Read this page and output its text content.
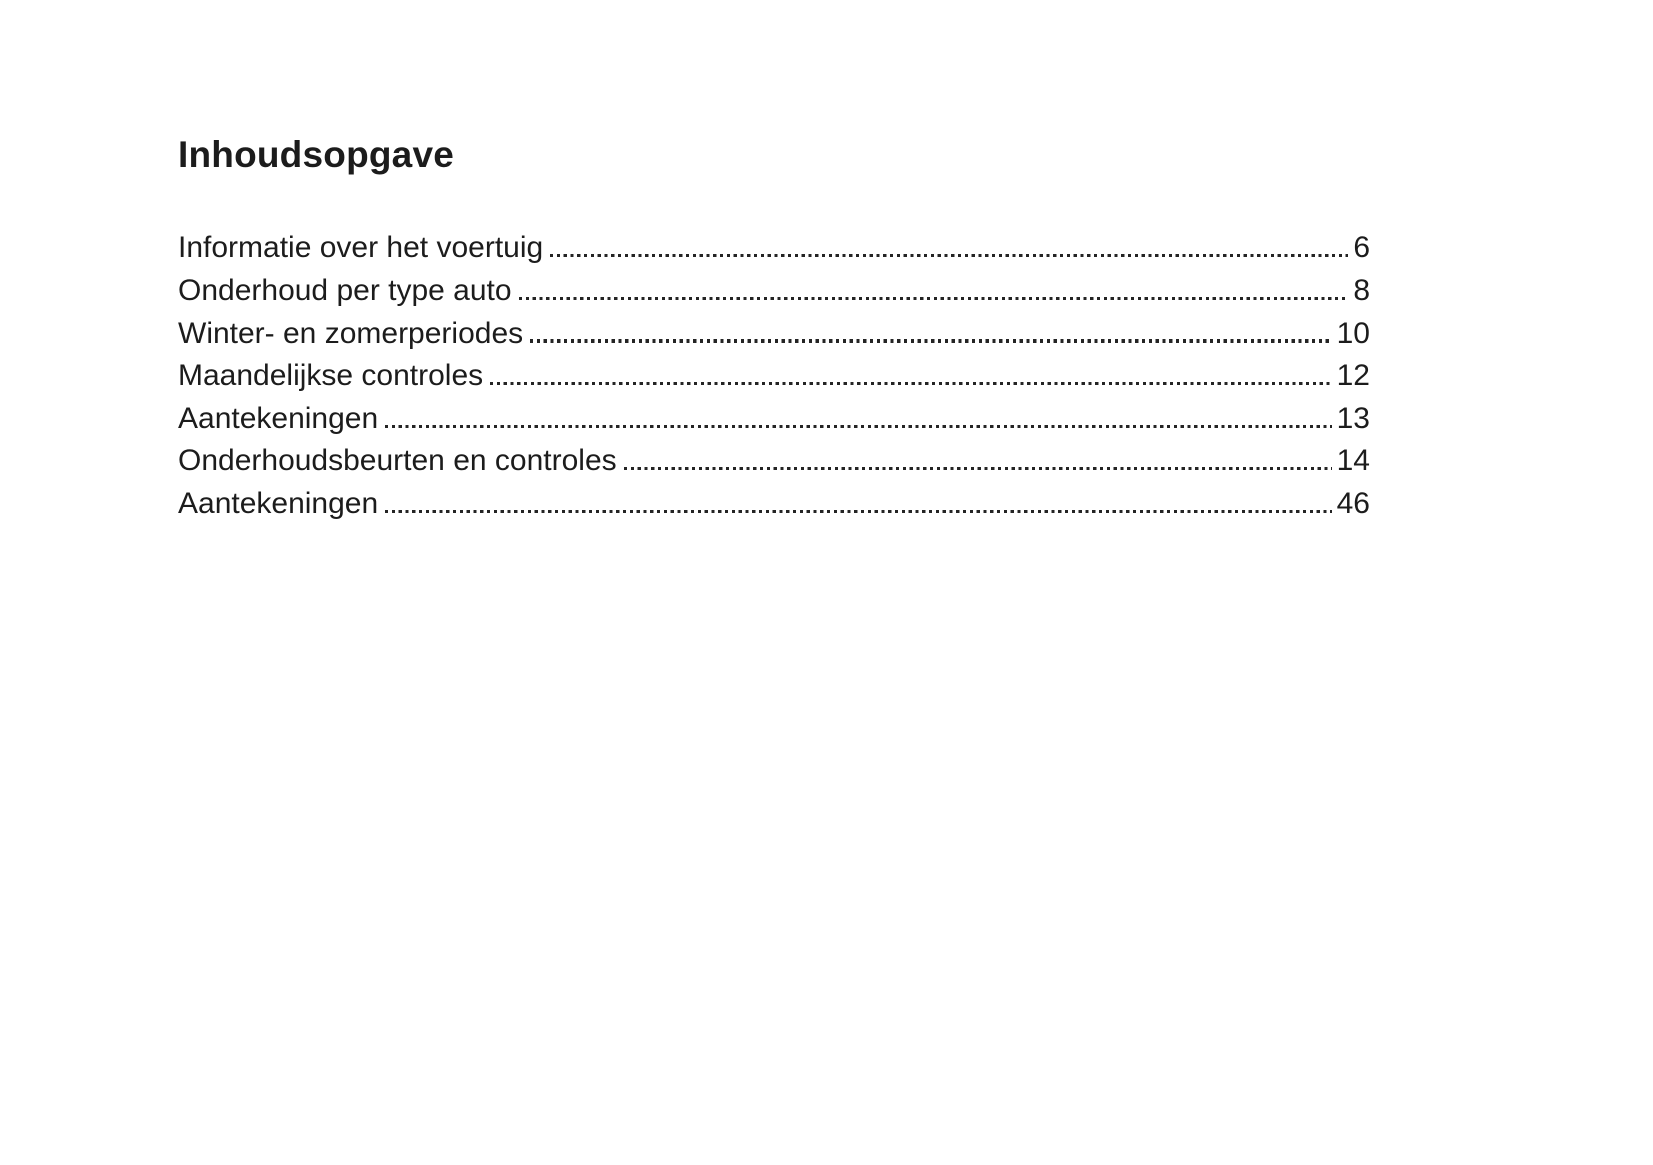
Inhoudsopgave
Informatie over het voertuig	6
Onderhoud per type auto	8
Winter- en zomerperiodes	10
Maandelijkse controles	12
Aantekeningen	13
Onderhoudsbeurten en controles	14
Aantekeningen	46
